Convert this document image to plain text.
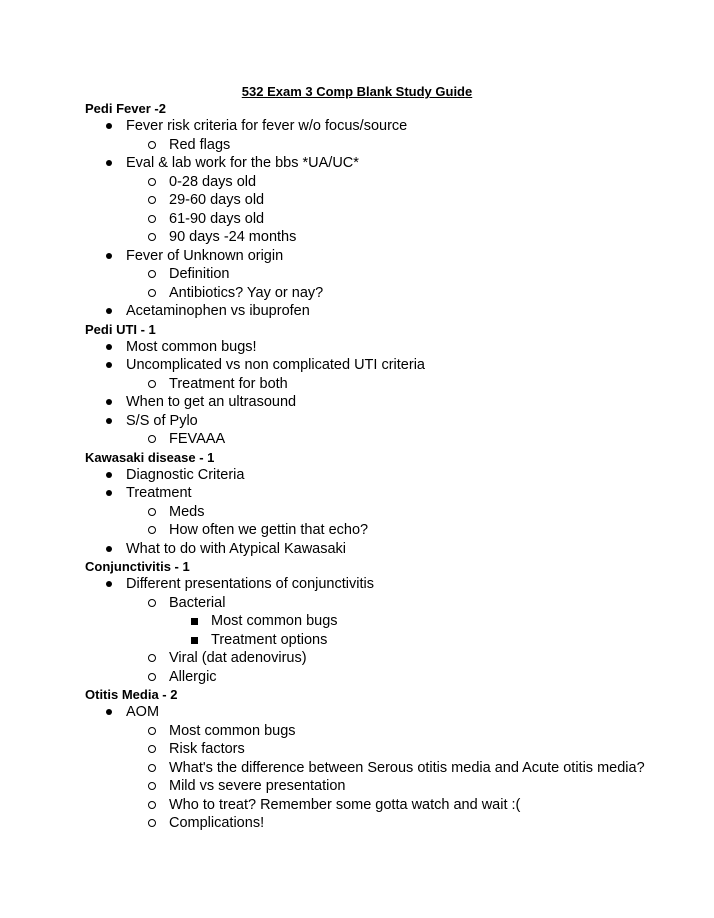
532 Exam 3 Comp Blank Study Guide
Pedi Fever -2
Fever risk criteria for fever w/o focus/source
Red flags
Eval & lab work for the bbs *UA/UC*
0-28 days old
29-60 days old
61-90 days old
90 days -24 months
Fever of Unknown origin
Definition
Antibiotics? Yay or nay?
Acetaminophen vs ibuprofen
Pedi UTI - 1
Most common bugs!
Uncomplicated vs non complicated UTI criteria
Treatment for both
When to get an ultrasound
S/S of Pylo
FEVAAA
Kawasaki disease - 1
Diagnostic Criteria
Treatment
Meds
How often we gettin that echo?
What to do with Atypical Kawasaki
Conjunctivitis - 1
Different presentations of conjunctivitis
Bacterial
Most common bugs
Treatment options
Viral (dat adenovirus)
Allergic
Otitis Media - 2
AOM
Most common bugs
Risk factors
What's the difference between Serous otitis media and Acute otitis media?
Mild vs severe presentation
Who to treat? Remember some gotta watch and wait :(
Complications!
